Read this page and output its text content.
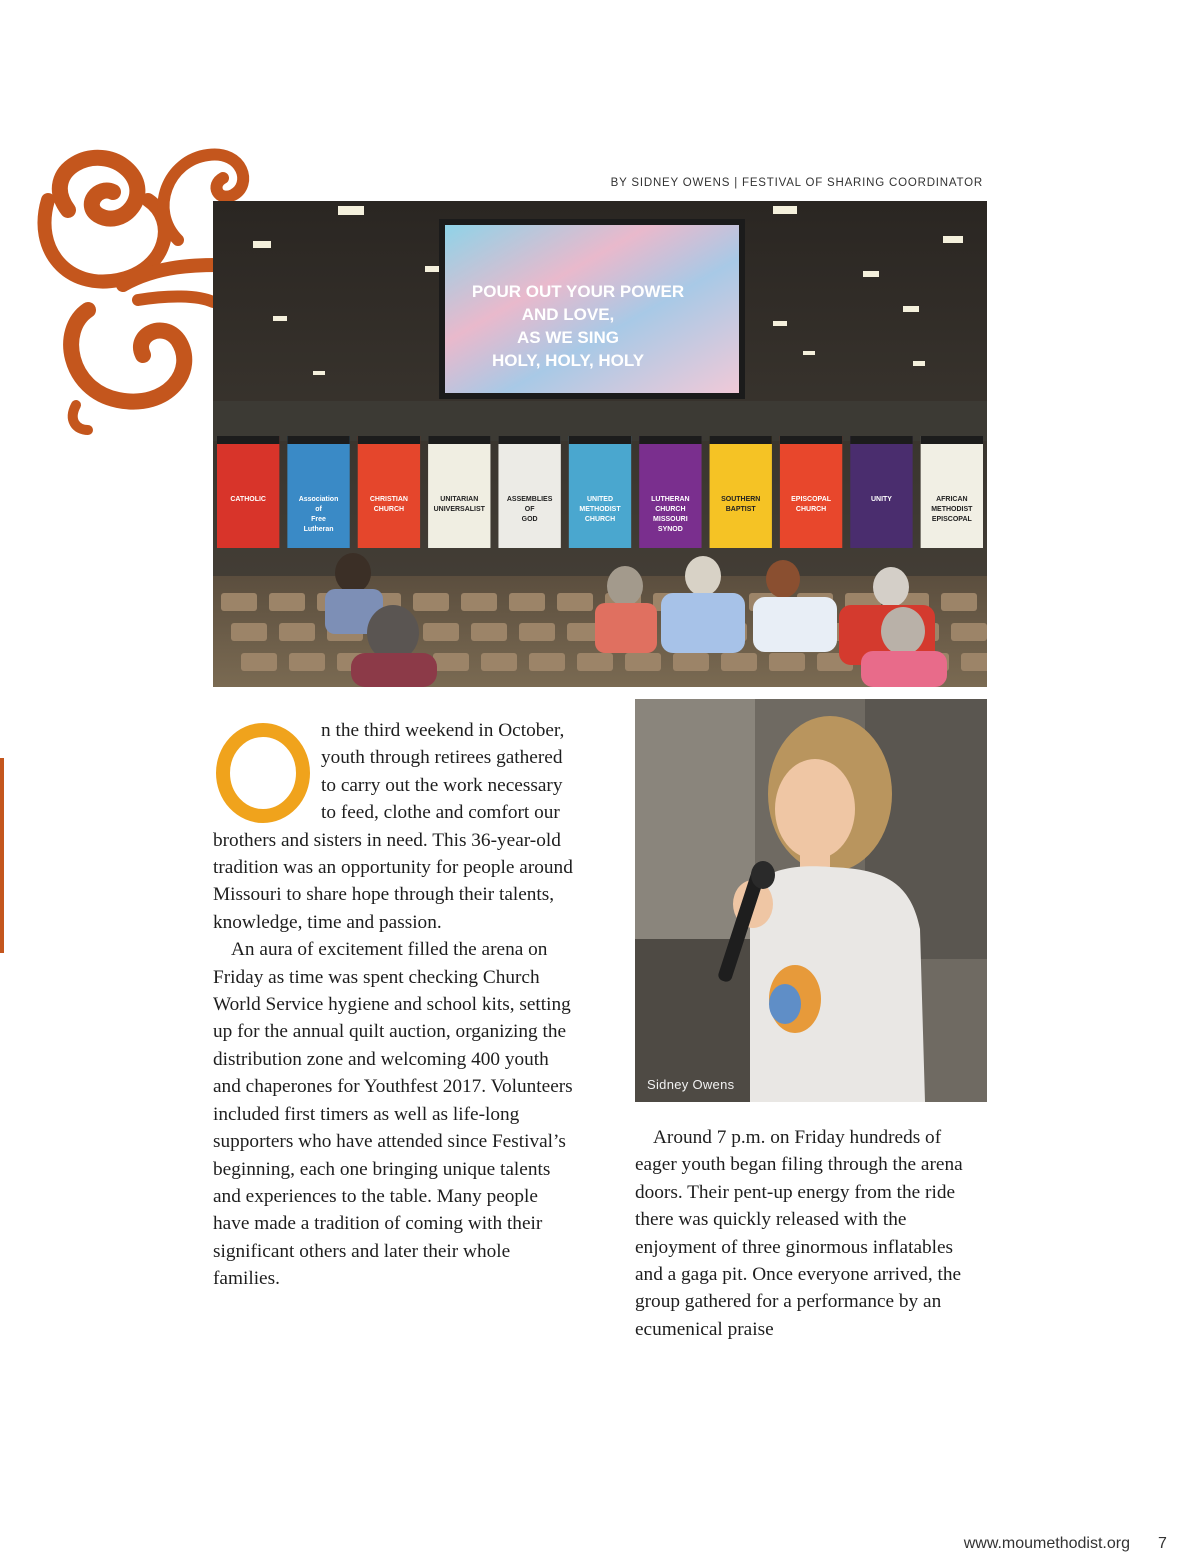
BY SIDNEY OWENS | FESTIVAL OF SHARING COORDINATOR
POUR OUT YOUR POWER
AND LOVE,
AS WE SING
HOLY, HOLY, HOLY
CATHOLIC	Association
of
Free
Lutheran
CHRISTIAN
CHURCH
UNITARIAN
UNIVERSALIST
ASSEMBLIES
OF
GOD
UNITED
METHODIST
CHURCH
LUTHERAN
CHURCH
MISSOURI
SYNOD
SOUTHERN
BAPTIST
EPISCOPAL
CHURCH
UNITY	AFRICAN
METHODIST
EPISCOPAL
Sidney Owens

n the third weekend in October, youth through retirees gathered to carry out the work necessary to feed, clothe and comfort our brothers and sisters in need. This 36-year-old tradition was an opportunity for people around Missouri to share hope through their talents, knowledge, time and passion.

An aura of excitement filled the arena on Friday as time was spent checking Church World Service hygiene and school kits, setting up for the annual quilt auction, organizing the distribution zone and welcoming 400 youth and chaperones for Youthfest 2017. Volunteers included first timers as well as life-long supporters who have attended since Festival’s beginning, each one bringing unique talents and experiences to the table. Many people have made a tradition of coming with their significant others and later their whole families.

Around 7 p.m. on Friday hundreds of eager youth began filing through the arena doors. Their pent-up energy from the ride there was quickly released with the enjoyment of three ginormous inflatables and a gaga pit. Once everyone arrived, the group gathered for a performance by an ecumenical praise

www.moumethodist.org 7
